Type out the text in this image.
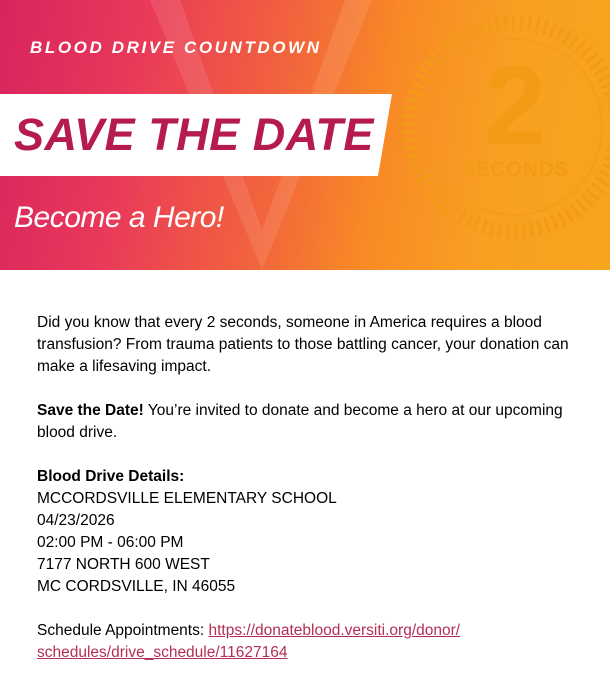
BLOOD DRIVE COUNTDOWN
SAVE THE DATE
Become a Hero!
2
SECONDS

Did you know that every 2 seconds, someone in America requires a blood transfusion? From trauma patients to those battling cancer, your donation can make a lifesaving impact.

Save the Date! You’re invited to donate and become a hero at our upcoming blood drive.

Blood Drive Details:

MCCORDSVILLE ELEMENTARY SCHOOL

04/23/2026

02:00 PM - 06:00 PM

7177 NORTH 600 WEST

MC CORDSVILLE, IN 46055

Schedule Appointments: https://donateblood.versiti.org/donor/
schedules/drive_schedule/11627164
